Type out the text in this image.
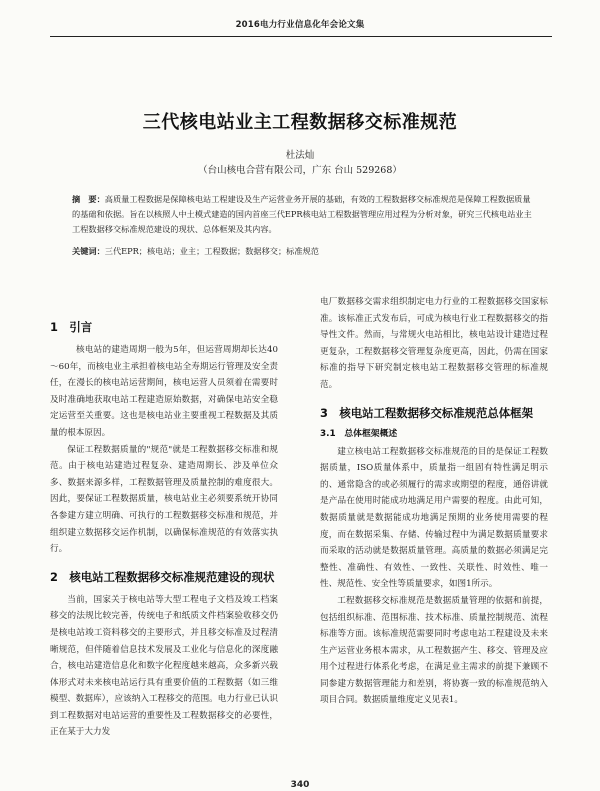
2016电力行业信息化年会论文集
三代核电站业主工程数据移交标准规范
杜法灿
（台山核电合营有限公司，广东 台山 529268）
摘　要：高质量工程数据是保障核电站工程建设及生产运营业务开展的基础，有效的工程数据移交标准规范是保障工程数据质量的基础和依据。旨在以核照人中土模式建造的国内首座三代EPR核电站工程数据管理应用过程为分析对象，研究三代核电站业主工程数据移交标准规范建设的现状、总体框架及其内容。
关键词：三代EPR；核电站；业主；工程数据；数据移交；标准规范
1　引言

　核电站的建造周期一般为5年，但运营周期却长达40～60年，而核电业主承担着核电站全寿期运行管理及安全责任，在漫长的核电站运营期间，核电运营人员须着在需要时及时准确地获取电站工程建造原始数据，对确保电站安全稳定运营至关重要。这也是核电站业主要重视工程数据及其质量的根本原因。

保证工程数据质量的"规范"就是工程数据移交标准和规范。由于核电站建造过程复杂、建造周期长、涉及单位众多、数据来源多样，工程数据管理及质量控制的难度很大。因此，要保证工程数据质量，核电站业主必须要系统开协同各参建方建立明确、可执行的工程数据移交标准和规范，并组织建立数据移交运作机制，以确保标准规范的有效落实执行。

2　核电站工程数据移交标准规范建设的现状

当前，国家关于核电站等大型工程电子文档及竣工档案移交的法规比较完善，传统电子和纸质文件档案验收移交仍是核电站竣工资料移交的主要形式，并且移交标准及过程清晰规范，但伴随着信息技术发展及工业化与信息化的深度融合，核电站建造信息化和数字化程度越来越高，众多新兴载体形式对未来核电站运行具有重要价值的工程数据（如三维模型、数据库），应该纳入工程移交的范围。电力行业已认识到工程数据对电站运营的重要性及工程数据移交的必要性，正在某于大力发

电厂数据移交需求组织制定电力行业的工程数据移交国家标准。该标准正式发布后，可成为核电行业工程数据移交的指导性文件。然而，与常规火电站相比，核电站设计建造过程更复杂，工程数据移交管理复杂度更高，因此，仍需在国家标准的指导下研究制定核电站工程数据移交管理的标准规范。

3　核电站工程数据移交标准规范总体框架
3.1　总体框架概述

建立核电站工程数据移交标准规范的目的是保证工程数据质量，ISO质量体系中，质量指一组固有特性满足明示的、通常隐含的或必须履行的需求或期望的程度，通俗讲就是产品在使用时能成功地满足用户需要的程度。由此可知，数据质量就是数据能成功地满足预期的业务使用需要的程度，而在数据采集、存储、传输过程中为满足数据质量要求而采取的活动就是数据质量管理。高质量的数据必须满足完整性、准确性、有效性、一致性、关联性、时效性、唯一性、规范性、安全性等质量要求，如图1所示。

工程数据移交标准规范是数据质量管理的依据和前提，包括组织标准、范围标准、技术标准、质量控制规范、流程标准等方面。该标准规范需要同时考虑电站工程建设及未来生产运营业务根本需求，从工程数据产生、移交、管理及应用个过程进行体系化考虑，在满足业主需求的前提下兼顾不同参建方数据管理能力和差别，将协赛一致的标准规范纳入项目合同。数据质量维度定义见表1。

340
